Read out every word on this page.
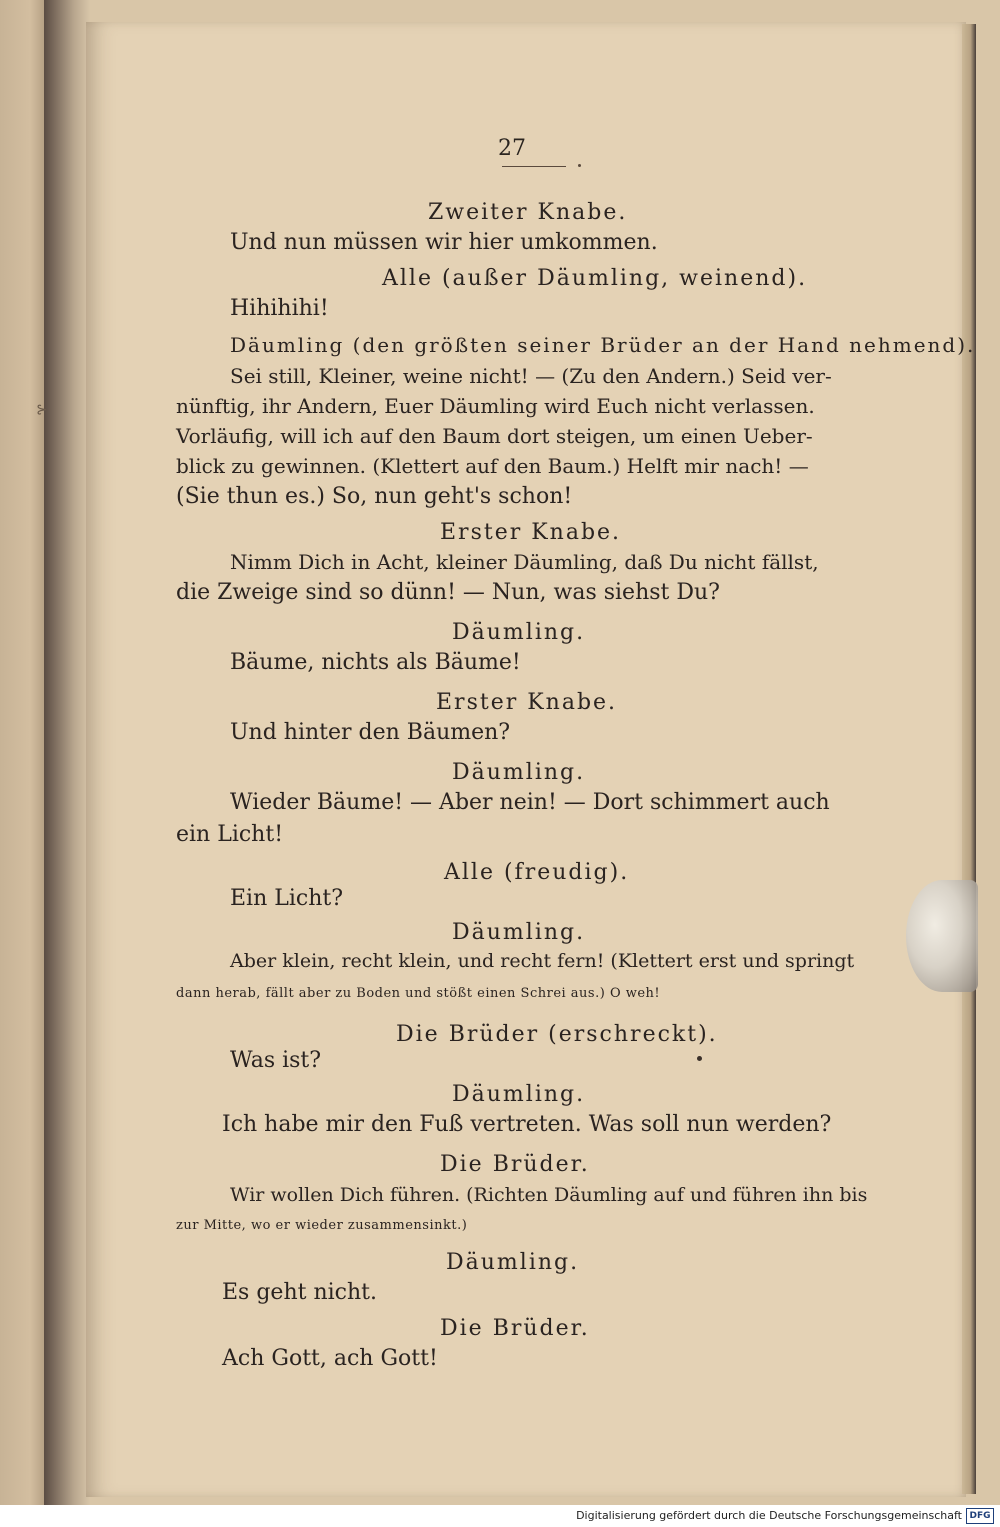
⊱
27
Zweiter Knabe.
Und nun müssen wir hier umkommen.
Alle (außer Däumling, weinend).
Hihihihi!
Däumling (den größten seiner Brüder an der Hand nehmend).
Sei still, Kleiner, weine nicht! — (Zu den Andern.) Seid ver-
nünftig, ihr Andern, Euer Däumling wird Euch nicht verlassen.
Vorläufig, will ich auf den Baum dort steigen, um einen Ueber-
blick zu gewinnen. (Klettert auf den Baum.) Helft mir nach! —
(Sie thun es.) So, nun geht's schon!
Erster Knabe.
Nimm Dich in Acht, kleiner Däumling, daß Du nicht fällst,
die Zweige sind so dünn! — Nun, was siehst Du?
Däumling.
Bäume, nichts als Bäume!
Erster Knabe.
Und hinter den Bäumen?
Däumling.
Wieder Bäume! — Aber nein! — Dort schimmert auch
ein Licht!
Alle (freudig).
Ein Licht?
Däumling.
Aber klein, recht klein, und recht fern! (Klettert erst und springt
dann herab, fällt aber zu Boden und stößt einen Schrei aus.) O weh!
Die Brüder (erschreckt).
Was ist?
Däumling.
Ich habe mir den Fuß vertreten. Was soll nun werden?
Die Brüder.
Wir wollen Dich führen. (Richten Däumling auf und führen ihn bis
zur Mitte, wo er wieder zusammensinkt.)
Däumling.
Es geht nicht.
Die Brüder.
Ach Gott, ach Gott!
Digitalisierung gefördert durch die Deutsche Forschungsgemeinschaft DFG
